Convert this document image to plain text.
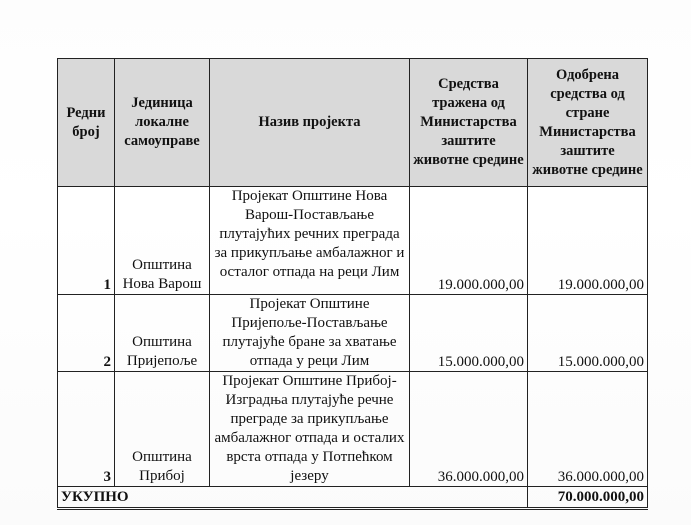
Редни број	Јединица локалне самоуправе	Назив пројекта	Средства тражена од Министарства заштите животне средине	Одобрена средства од стране Министарства заштите животне средине
1	Општина Нова Варош	Пројекат Општине Нова Варош-Постављање плутајућих речних преграда за прикупљање амбалажног и осталог отпада на реци Лим	19.000.000,00	19.000.000,00
2	Општина Пријепоље	Пројекат Општине Пријепоље-Постављање плутајуће бране за хватање отпада у реци Лим	15.000.000,00	15.000.000,00
3	Општина Прибој	Пројекат Општине Прибој-Изградња плутајуће речне преграде за прикупљање амбалажног отпада и осталих врста отпада у Потпећком језеру	36.000.000,00	36.000.000,00
УКУПНО				70.000.000,00
